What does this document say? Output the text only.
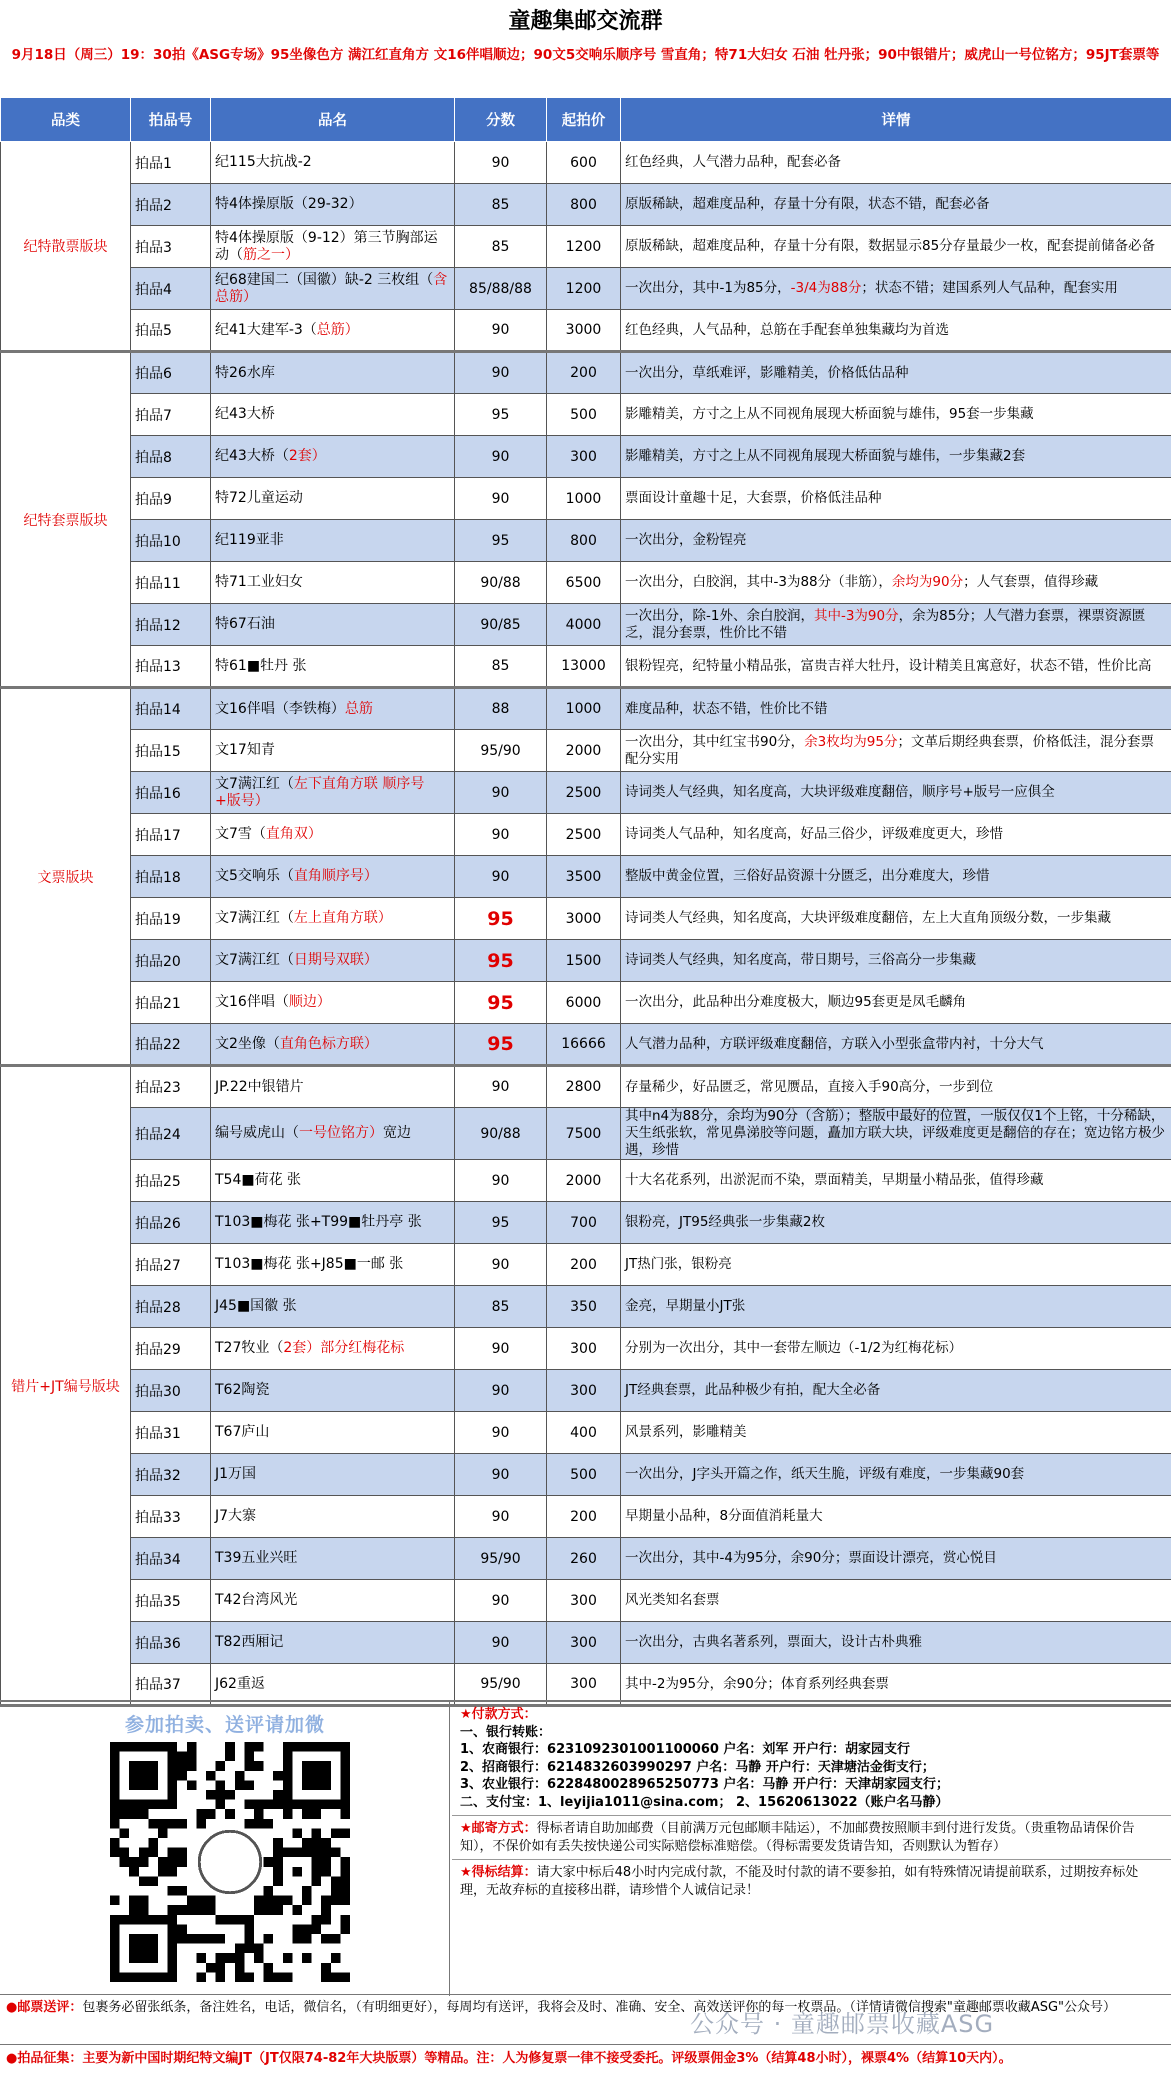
童趣集邮交流群
9月18日（周三）19：30拍《ASG专场》95坐像色方 满江红直角方 文16伴唱顺边；90文5交响乐顺序号 雪直角；特71大妇女 石油 牡丹张；90中银错片；威虎山一号位铭方；95JT套票等
品类	拍品号	品名	分数	起拍价	详情
纪特散票版块	拍品1	纪115大抗战-2	90	600	红色经典，人气潜力品种，配套必备
	拍品2	特4体操原版（29-32）	85	800	原版稀缺，超难度品种，存量十分有限，状态不错，配套必备
	拍品3	特4体操原版（9-12）第三节胸部运动（筋之一）	85	1200	原版稀缺，超难度品种，存量十分有限，数据显示85分存量最少一枚，配套提前储备必备
	拍品4	纪68建国二（国徽）缺-2 三枚组（含总筋）	85/88/88	1200	一次出分，其中-1为85分，-3/4为88分；状态不错；建国系列人气品种，配套实用
	拍品5	纪41大建军-3（总筋）	90	3000	红色经典，人气品种，总筋在手配套单独集藏均为首选
纪特套票版块	拍品6	特26水库	90	200	一次出分，草纸难评，影雕精美，价格低估品种
	拍品7	纪43大桥	95	500	影雕精美，方寸之上从不同视角展现大桥面貌与雄伟，95套一步集藏
	拍品8	纪43大桥（2套）	90	300	影雕精美，方寸之上从不同视角展现大桥面貌与雄伟，一步集藏2套
	拍品9	特72儿童运动	90	1000	票面设计童趣十足，大套票，价格低洼品种
	拍品10	纪119亚非	95	800	一次出分，金粉锃亮
	拍品11	特71工业妇女	90/88	6500	一次出分，白胶润，其中-3为88分（非筋），余均为90分；人气套票，值得珍藏
	拍品12	特67石油	90/85	4000	一次出分，除-1外、余白胶润，其中-3为90分，余为85分；人气潜力套票，裸票资源匮乏，混分套票，性价比不错
	拍品13	特61■牡丹 张	85	13000	银粉锃亮，纪特量小精品张，富贵吉祥大牡丹，设计精美且寓意好，状态不错，性价比高
文票版块	拍品14	文16伴唱（李铁梅）总筋	88	1000	难度品种，状态不错，性价比不错
	拍品15	文17知青	95/90	2000	一次出分，其中红宝书90分，余3枚均为95分；文革后期经典套票，价格低洼，混分套票配分实用
	拍品16	文7满江红（左下直角方联 顺序号+版号）	90	2500	诗词类人气经典，知名度高，大块评级难度翻倍，顺序号+版号一应俱全
	拍品17	文7雪（直角双）	90	2500	诗词类人气品种，知名度高，好品三俗少，评级难度更大，珍惜
	拍品18	文5交响乐（直角顺序号）	90	3500	整版中黄金位置，三俗好品资源十分匮乏，出分难度大，珍惜
	拍品19	文7满江红（左上直角方联）	95	3000	诗词类人气经典，知名度高，大块评级难度翻倍，左上大直角顶级分数，一步集藏
	拍品20	文7满江红（日期号双联）	95	1500	诗词类人气经典，知名度高，带日期号，三俗高分一步集藏
	拍品21	文16伴唱（顺边）	95	6000	一次出分，此品种出分难度极大，顺边95套更是凤毛麟角
	拍品22	文2坐像（直角色标方联）	95	16666	人气潜力品种，方联评级难度翻倍，方联入小型张盒带内衬，十分大气
错片+JT编号版块	拍品23	JP.22中银错片	90	2800	存量稀少，好品匮乏，常见赝品，直接入手90高分，一步到位
	拍品24	编号威虎山（一号位铭方）宽边	90/88	7500	其中n4为88分，余均为90分（含筋）；整版中最好的位置，一版仅仅1个上铭，十分稀缺，天生纸张软，常见鼻涕胶等问题，矗加方联大块，评级难度更是翻倍的存在；宽边铭方极少遇，珍惜
	拍品25	T54■荷花 张	90	2000	十大名花系列，出淤泥而不染，票面精美，早期量小精品张，值得珍藏
	拍品26	T103■梅花 张+T99■牡丹亭 张	95	700	银粉亮，JT95经典张一步集藏2枚
	拍品27	T103■梅花 张+J85■一邮 张	90	200	JT热门张，银粉亮
	拍品28	J45■国徽 张	85	350	金亮，早期量小JT张
	拍品29	T27牧业（2套）部分红梅花标	90	300	分别为一次出分，其中一套带左顺边（-1/2为红梅花标）
	拍品30	T62陶瓷	90	300	JT经典套票，此品种极少有拍，配大全必备
	拍品31	T67庐山	90	400	风景系列，影雕精美
	拍品32	J1万国	90	500	一次出分，J字头开篇之作，纸天生脆，评级有难度，一步集藏90套
	拍品33	J7大寨	90	200	早期量小品种，8分面值消耗量大
	拍品34	T39五业兴旺	95/90	260	一次出分，其中-4为95分，余90分；票面设计漂亮，赏心悦目
	拍品35	T42台湾风光	90	300	风光类知名套票
	拍品36	T82西厢记	90	300	一次出分，古典名著系列，票面大，设计古朴典雅
	拍品37	J62重返	95/90	300	其中-2为95分，余90分；体育系列经典套票
参加拍卖、送评请加微	★付款方式：
一、银行转账：
1、农商银行：6231092301001100060 户名：刘军 开户行：胡家园支行
2、招商银行：6214832603990297 户名：马静 开户行：天津塘沽金街支行；
3、农业银行：6228480028965250773 户名：马静 开户行：天津胡家园支行；
二、支付宝：1、leyijia1011@sina.com； 2、15620613022（账户名马静）
★邮寄方式：得标者请自助加邮费（目前满万元包邮顺丰陆运），不加邮费按照顺丰到付进行发货。（贵重物品请保价告知），不保价如有丢失按快递公司实际赔偿标准赔偿。（得标需要发货请告知，否则默认为暂存）
★得标结算：请大家中标后48小时内完成付款，不能及时付款的请不要参拍，如有特殊情况请提前联系，过期按弃标处理，无故弃标的直接移出群，请珍惜个人诚信记录！
●邮票送评：包裹务必留张纸条，备注姓名，电话，微信名，（有明细更好），每周均有送评，我将会及时、准确、安全、高效送评你的每一枚票品。（详情请微信搜索"童趣邮票收藏ASG"公众号）
●拍品征集：主要为新中国时期纪特文编JT（JT仅限74-82年大块版票）等精品。注：人为修复票一律不接受委托。评级票佣金3%（结算48小时），裸票4%（结算10天内）。
公众号 · 童趣邮票收藏ASG
